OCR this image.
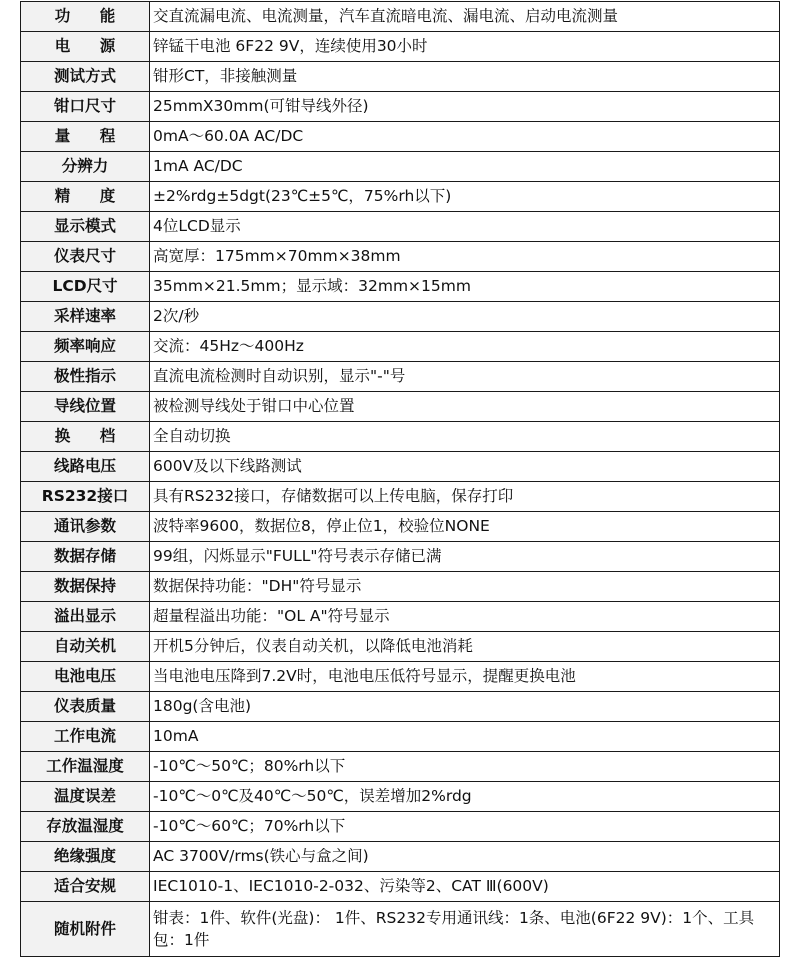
功 能	交直流漏电流、电流测量，汽车直流暗电流、漏电流、启动电流测量
电 源	锌锰干电池 6F22 9V，连续使用30小时
测试方式	钳形CT，非接触测量
钳口尺寸	25mmX30mm(可钳导线外径)
量 程	0mA～60.0A AC/DC
分辨力	1mA AC/DC
精 度	±2%rdg±5dgt(23℃±5℃，75%rh以下)
显示模式	4位LCD显示
仪表尺寸	高宽厚：175mm×70mm×38mm
LCD尺寸	35mm×21.5mm；显示域：32mm×15mm
采样速率	2次/秒
频率响应	交流：45Hz～400Hz
极性指示	直流电流检测时自动识别，显示"-"号
导线位置	被检测导线处于钳口中心位置
换 档	全自动切换
线路电压	600V及以下线路测试
RS232接口	具有RS232接口，存储数据可以上传电脑，保存打印
通讯参数	波特率9600，数据位8，停止位1，校验位NONE
数据存储	99组，闪烁显示"FULL"符号表示存储已满
数据保持	数据保持功能："DH"符号显示
溢出显示	超量程溢出功能："OL A"符号显示
自动关机	开机5分钟后，仪表自动关机，以降低电池消耗
电池电压	当电池电压降到7.2V时，电池电压低符号显示，提醒更换电池
仪表质量	180g(含电池)
工作电流	10mA
工作温湿度	-10℃～50℃；80%rh以下
温度误差	-10℃～0℃及40℃～50℃，误差增加2%rdg
存放温湿度	-10℃～60℃；70%rh以下
绝缘强度	AC 3700V/rms(铁心与盒之间)
适合安规	IEC1010-1、IEC1010-2-032、污染等2、CAT Ⅲ(600V)
随机附件	钳表：1件、软件(光盘)： 1件、RS232专用通讯线：1条、电池(6F22 9V)：1个、工具包：1件
